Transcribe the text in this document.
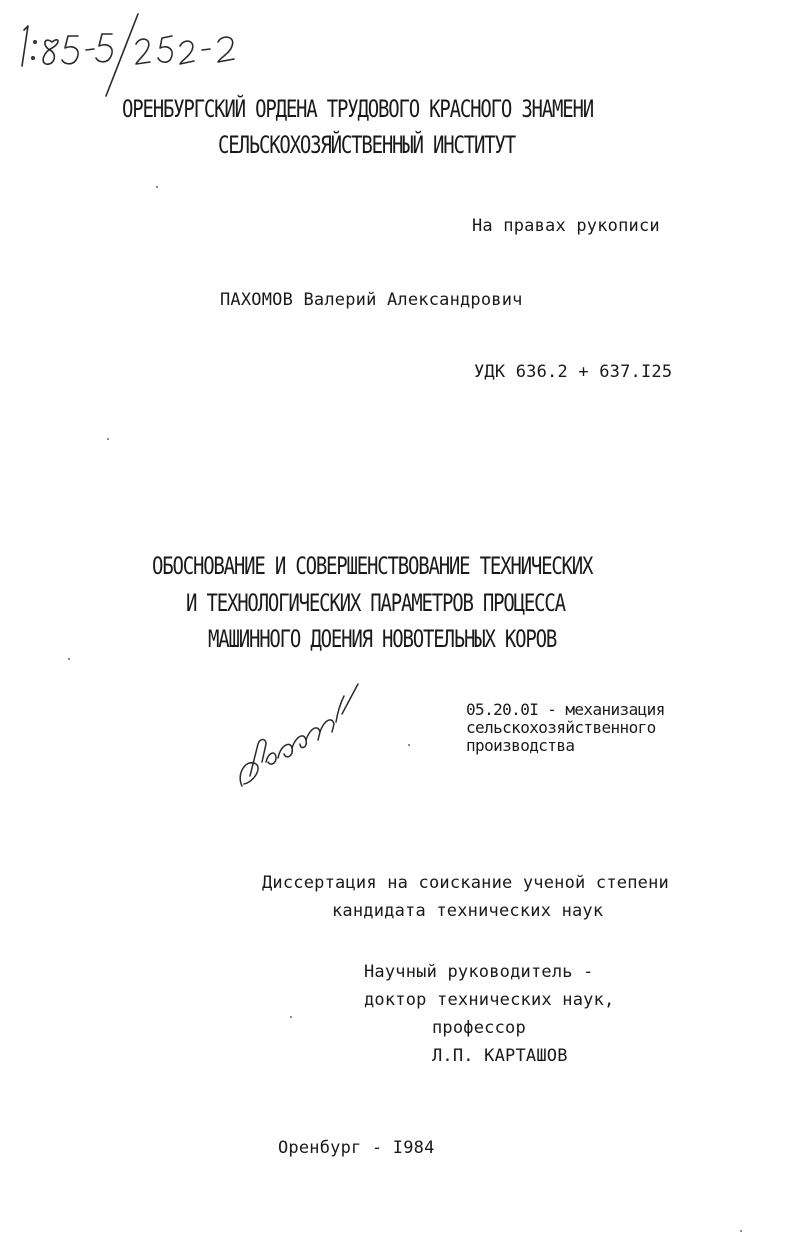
ОРЕНБУРГСКИЙ ОРДЕНА ТРУДОВОГО КРАСНОГО ЗНАМЕНИ
СЕЛЬСКОХОЗЯЙСТВЕННЫЙ ИНСТИТУТ
На правах рукописи
ПАХОМОВ Валерий Александрович
УДК 636.2 + 637.I25
ОБОСНОВАНИЕ И СОВЕРШЕНСТВОВАНИЕ ТЕХНИЧЕСКИХ
И ТЕХНОЛОГИЧЕСКИХ ПАРАМЕТРОВ ПРОЦЕССА
МАШИННОГО ДОЕНИЯ НОВОТЕЛЬНЫХ КОРОВ
05.20.0I - механизация
сельскохозяйственного
производства
Диссертация на соискание ученой степени
кандидата технических наук
Научный руководитель -
доктор технических наук,
профессор
Л.П. КАРТАШОВ
Оренбург - I984
